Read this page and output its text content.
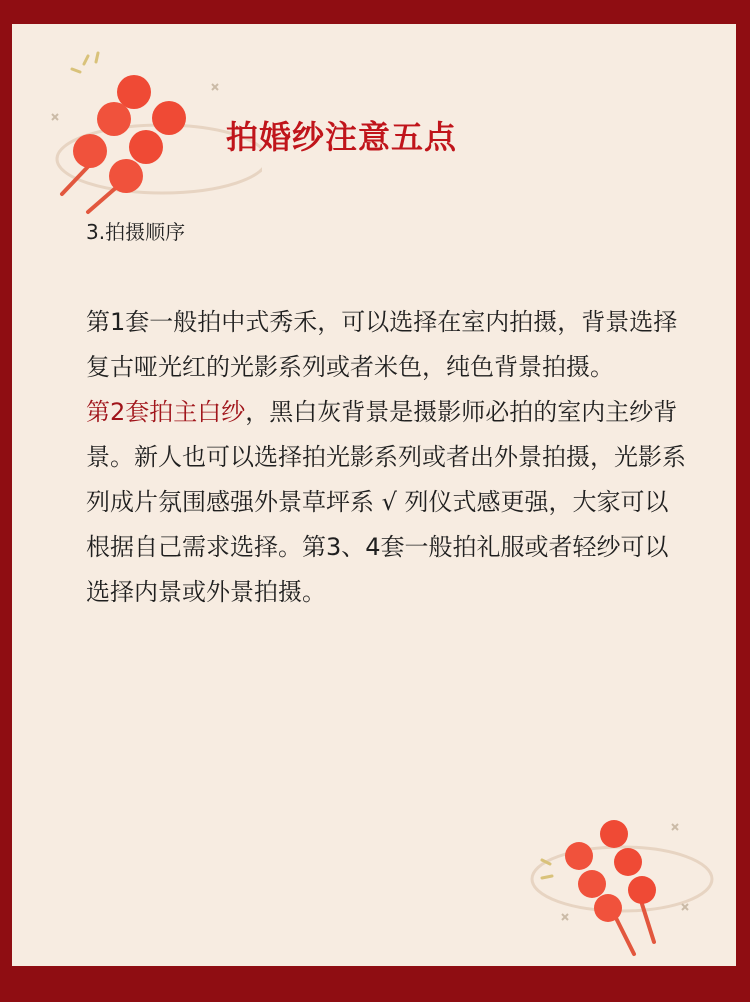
拍婚纱注意五点
3.拍摄顺序

第1套一般拍中式秀禾，可以选择在室内拍摄，背景选择复古哑光红的光影系列或者米色，纯色背景拍摄。

第2套拍主白纱，黑白灰背景是摄影师必拍的室内主纱背景。新人也可以选择拍光影系列或者出外景拍摄，光影系列成片氛围感强外景草坪系 √ 列仪式感更强，大家可以根据自己需求选择。第3、4套一般拍礼服或者轻纱可以选择内景或外景拍摄。
